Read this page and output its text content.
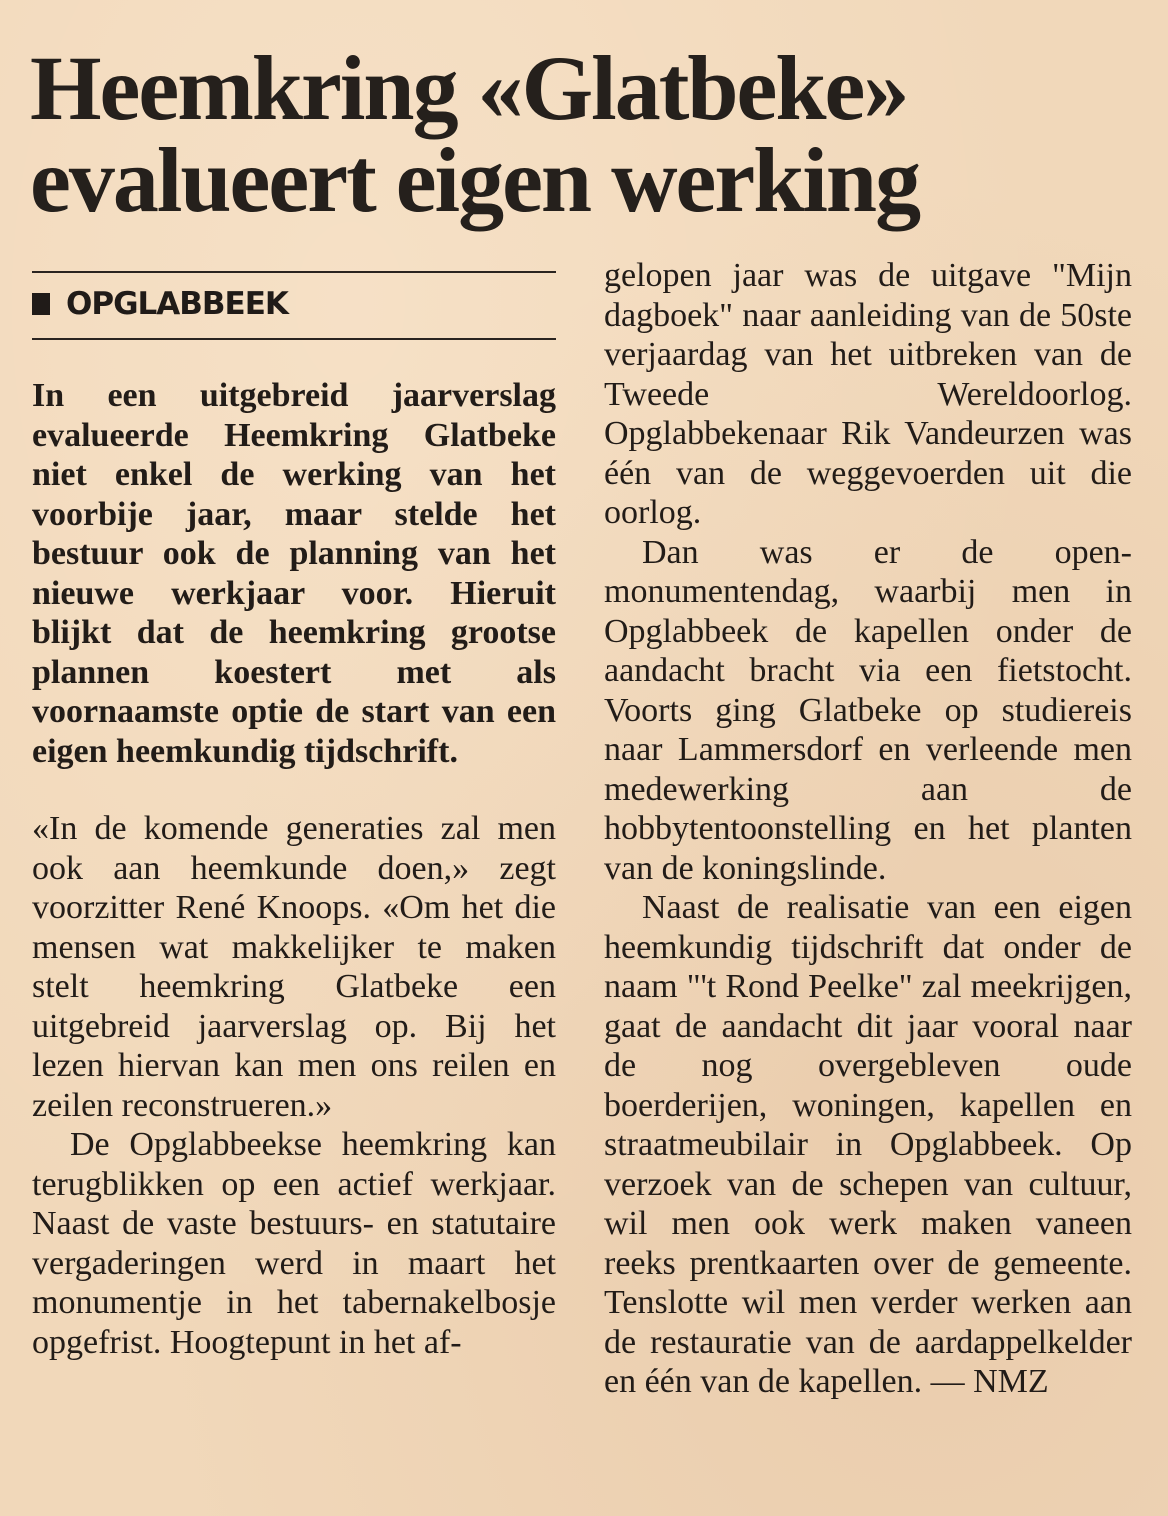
Heemkring «Glatbeke»
evalueert eigen werking
OPGLABBEEK

In een uitgebreid jaarverslag evalueerde Heemkring Glatbeke niet enkel de werking van het voorbije jaar, maar stelde het bestuur ook de planning van het nieuwe werkjaar voor. Hieruit blijkt dat de heemkring grootse plannen koestert met als voornaamste optie de start van een eigen heemkundig tijdschrift.

«In de komende generaties zal men ook aan heemkunde doen,» zegt voorzitter René Knoops. «Om het die mensen wat makkelijker te maken stelt heemkring Glatbeke een uitgebreid jaarverslag op. Bij het lezen hiervan kan men ons reilen en zeilen reconstrueren.»

De Opglabbeekse heemkring kan terugblikken op een actief werkjaar. Naast de vaste bestuurs- en statutaire vergaderingen werd in maart het monumentje in het tabernakelbosje opgefrist. Hoogtepunt in het af-

gelopen jaar was de uitgave "Mijn dagboek" naar aanleiding van de 50ste verjaardag van het uitbreken van de Tweede Wereldoorlog. Opglabbekenaar Rik Vandeurzen was één van de weggevoerden uit die oorlog.

Dan was er de open-monumentendag, waarbij men in Opglabbeek de kapellen onder de aandacht bracht via een fietstocht. Voorts ging Glatbeke op studiereis naar Lammersdorf en verleende men medewerking aan de hobbytentoonstelling en het planten van de koningslinde.

Naast de realisatie van een eigen heemkundig tijdschrift dat onder de naam "'t Rond Peelke" zal meekrijgen, gaat de aandacht dit jaar vooral naar de nog overgebleven oude boerderijen, woningen, kapellen en straatmeubilair in Opglabbeek. Op verzoek van de schepen van cultuur, wil men ook werk maken vaneen reeks prentkaarten over de gemeente. Tenslotte wil men verder werken aan de restauratie van de aardappelkelder en één van de kapellen. — NMZ
